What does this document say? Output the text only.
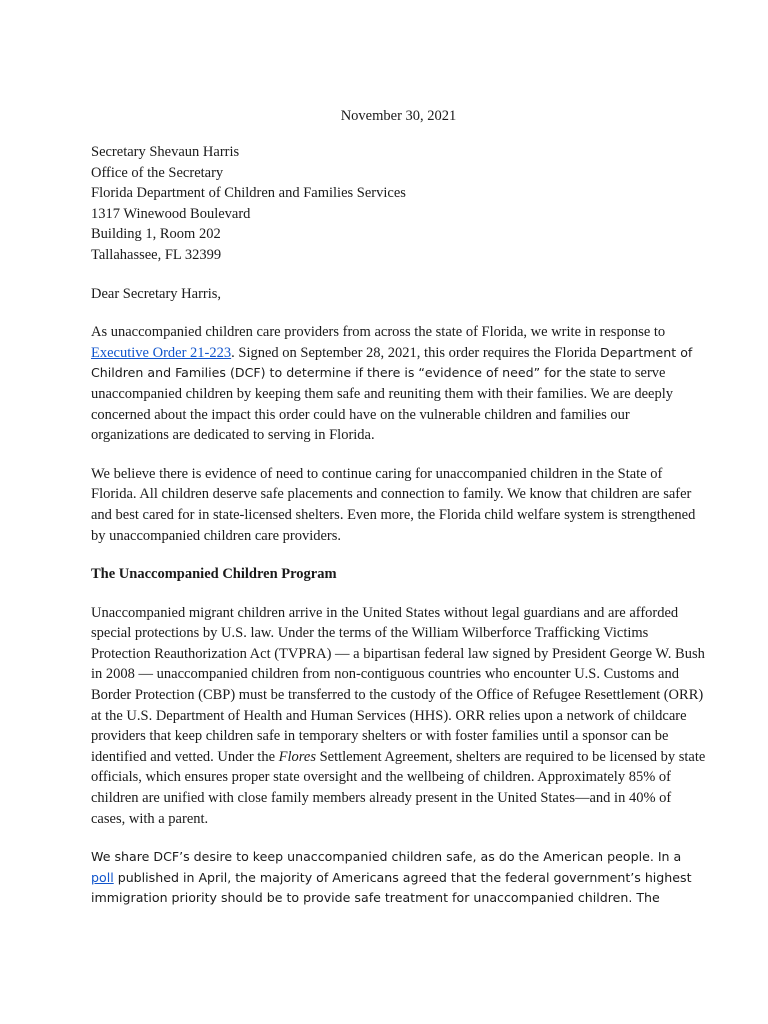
November 30, 2021

Secretary Shevaun Harris
Office of the Secretary
Florida Department of Children and Families Services
1317 Winewood Boulevard
Building 1, Room 202
Tallahassee, FL 32399

Dear Secretary Harris,

As unaccompanied children care providers from across the state of Florida, we write in response to Executive Order 21-223. Signed on September 28, 2021, this order requires the Florida Department of Children and Families (DCF) to determine if there is “evidence of need” for the state to serve unaccompanied children by keeping them safe and reuniting them with their families. We are deeply concerned about the impact this order could have on the vulnerable children and families our organizations are dedicated to serving in Florida.

We believe there is evidence of need to continue caring for unaccompanied children in the State of Florida. All children deserve safe placements and connection to family. We know that children are safer and best cared for in state-licensed shelters. Even more, the Florida child welfare system is strengthened by unaccompanied children care providers.

The Unaccompanied Children Program

Unaccompanied migrant children arrive in the United States without legal guardians and are afforded special protections by U.S. law. Under the terms of the William Wilberforce Trafficking Victims Protection Reauthorization Act (TVPRA) — a bipartisan federal law signed by President George W. Bush in 2008 — unaccompanied children from non-contiguous countries who encounter U.S. Customs and Border Protection (CBP) must be transferred to the custody of the Office of Refugee Resettlement (ORR) at the U.S. Department of Health and Human Services (HHS). ORR relies upon a network of childcare providers that keep children safe in temporary shelters or with foster families until a sponsor can be identified and vetted. Under the Flores Settlement Agreement, shelters are required to be licensed by state officials, which ensures proper state oversight and the wellbeing of children. Approximately 85% of children are unified with close family members already present in the United States—and in 40% of cases, with a parent.

We share DCF’s desire to keep unaccompanied children safe, as do the American people. In a poll published in April, the majority of Americans agreed that the federal government’s highest immigration priority should be to provide safe treatment for unaccompanied children. The
